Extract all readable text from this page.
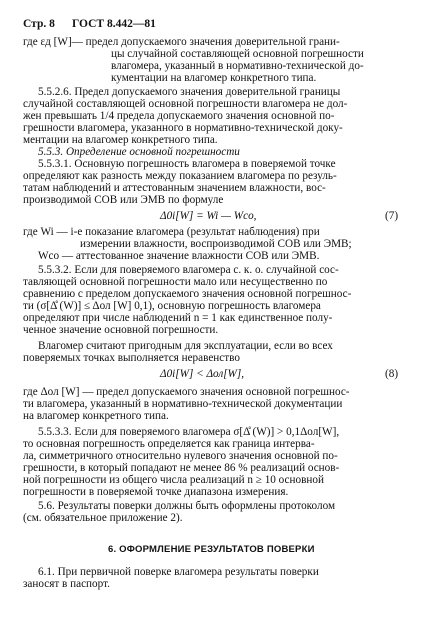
Стр. 8 ГОСТ 8.442—81
где εд [W]— предел допускаемого значения доверительной грани-
цы случайной составляющей основной погрешности
влагомера, указанный в нормативно-технической до-
кументации на влагомер конкретного типа.
5.5.2.6. Предел допускаемого значения доверительной границы
случайной составляющей основной погрешности влагомера не дол-
жен превышать 1/4 предела допускаемого значения основной по-
грешности влагомера, указанного в нормативно-технической доку-
ментации на влагомер конкретного типа.
5.5.3. Определение основной погрешности
5.5.3.1. Основную погрешность влагомера в поверяемой точке
определяют как разность между показанием влагомера по резуль-
татам наблюдений и аттестованным значением влажности, вос-
производимой СОВ или ЭМВ по формуле
Δ0i[W] = Wi — Wco,	(7)
где Wi — i-е показание влагомера (результат наблюдения) при
измерении влажности, воспроизводимой СОВ или ЭМВ;
Wco — аттестованное значение влажности СОВ или ЭМВ.
5.5.3.2. Если для поверяемого влагомера с. к. о. случайной сос-
тавляющей основной погрешности мало или несущественно по
сравнению с пределом допускаемого значения основной погрешнос-
ти (σ[Δ̊ (W)] ≤ Δол [W] 0,1), основную погрешность влагомера
определяют при числе наблюдений n = 1 как единственное полу-
ченное значение основной погрешности.
Влагомер считают пригодным для эксплуатации, если во всех
поверяемых точках выполняется неравенство
Δ0i[W] < Δол[W],	(8)
где Δол [W] — предел допускаемого значения основной погрешнос-
ти влагомера, указанный в нормативно-технической документации
на влагомер конкретного типа.
5.5.3.3. Если для поверяемого влагомера σ[Δ̊ (W)] > 0,1Δол[W],
то основная погрешность определяется как граница интерва-
ла, симметричного относительно нулевого значения основной по-
грешности, в который попадают не менее 86 % реализаций основ-
ной погрешности из общего числа реализаций n ≥ 10 основной
погрешности в поверяемой точке диапазона измерения.
5.6. Результаты поверки должны быть оформлены протоколом
(см. обязательное приложение 2).
6. ОФОРМЛЕНИЕ РЕЗУЛЬТАТОВ ПОВЕРКИ
6.1. При первичной поверке влагомера результаты поверки
заносят в паспорт.
